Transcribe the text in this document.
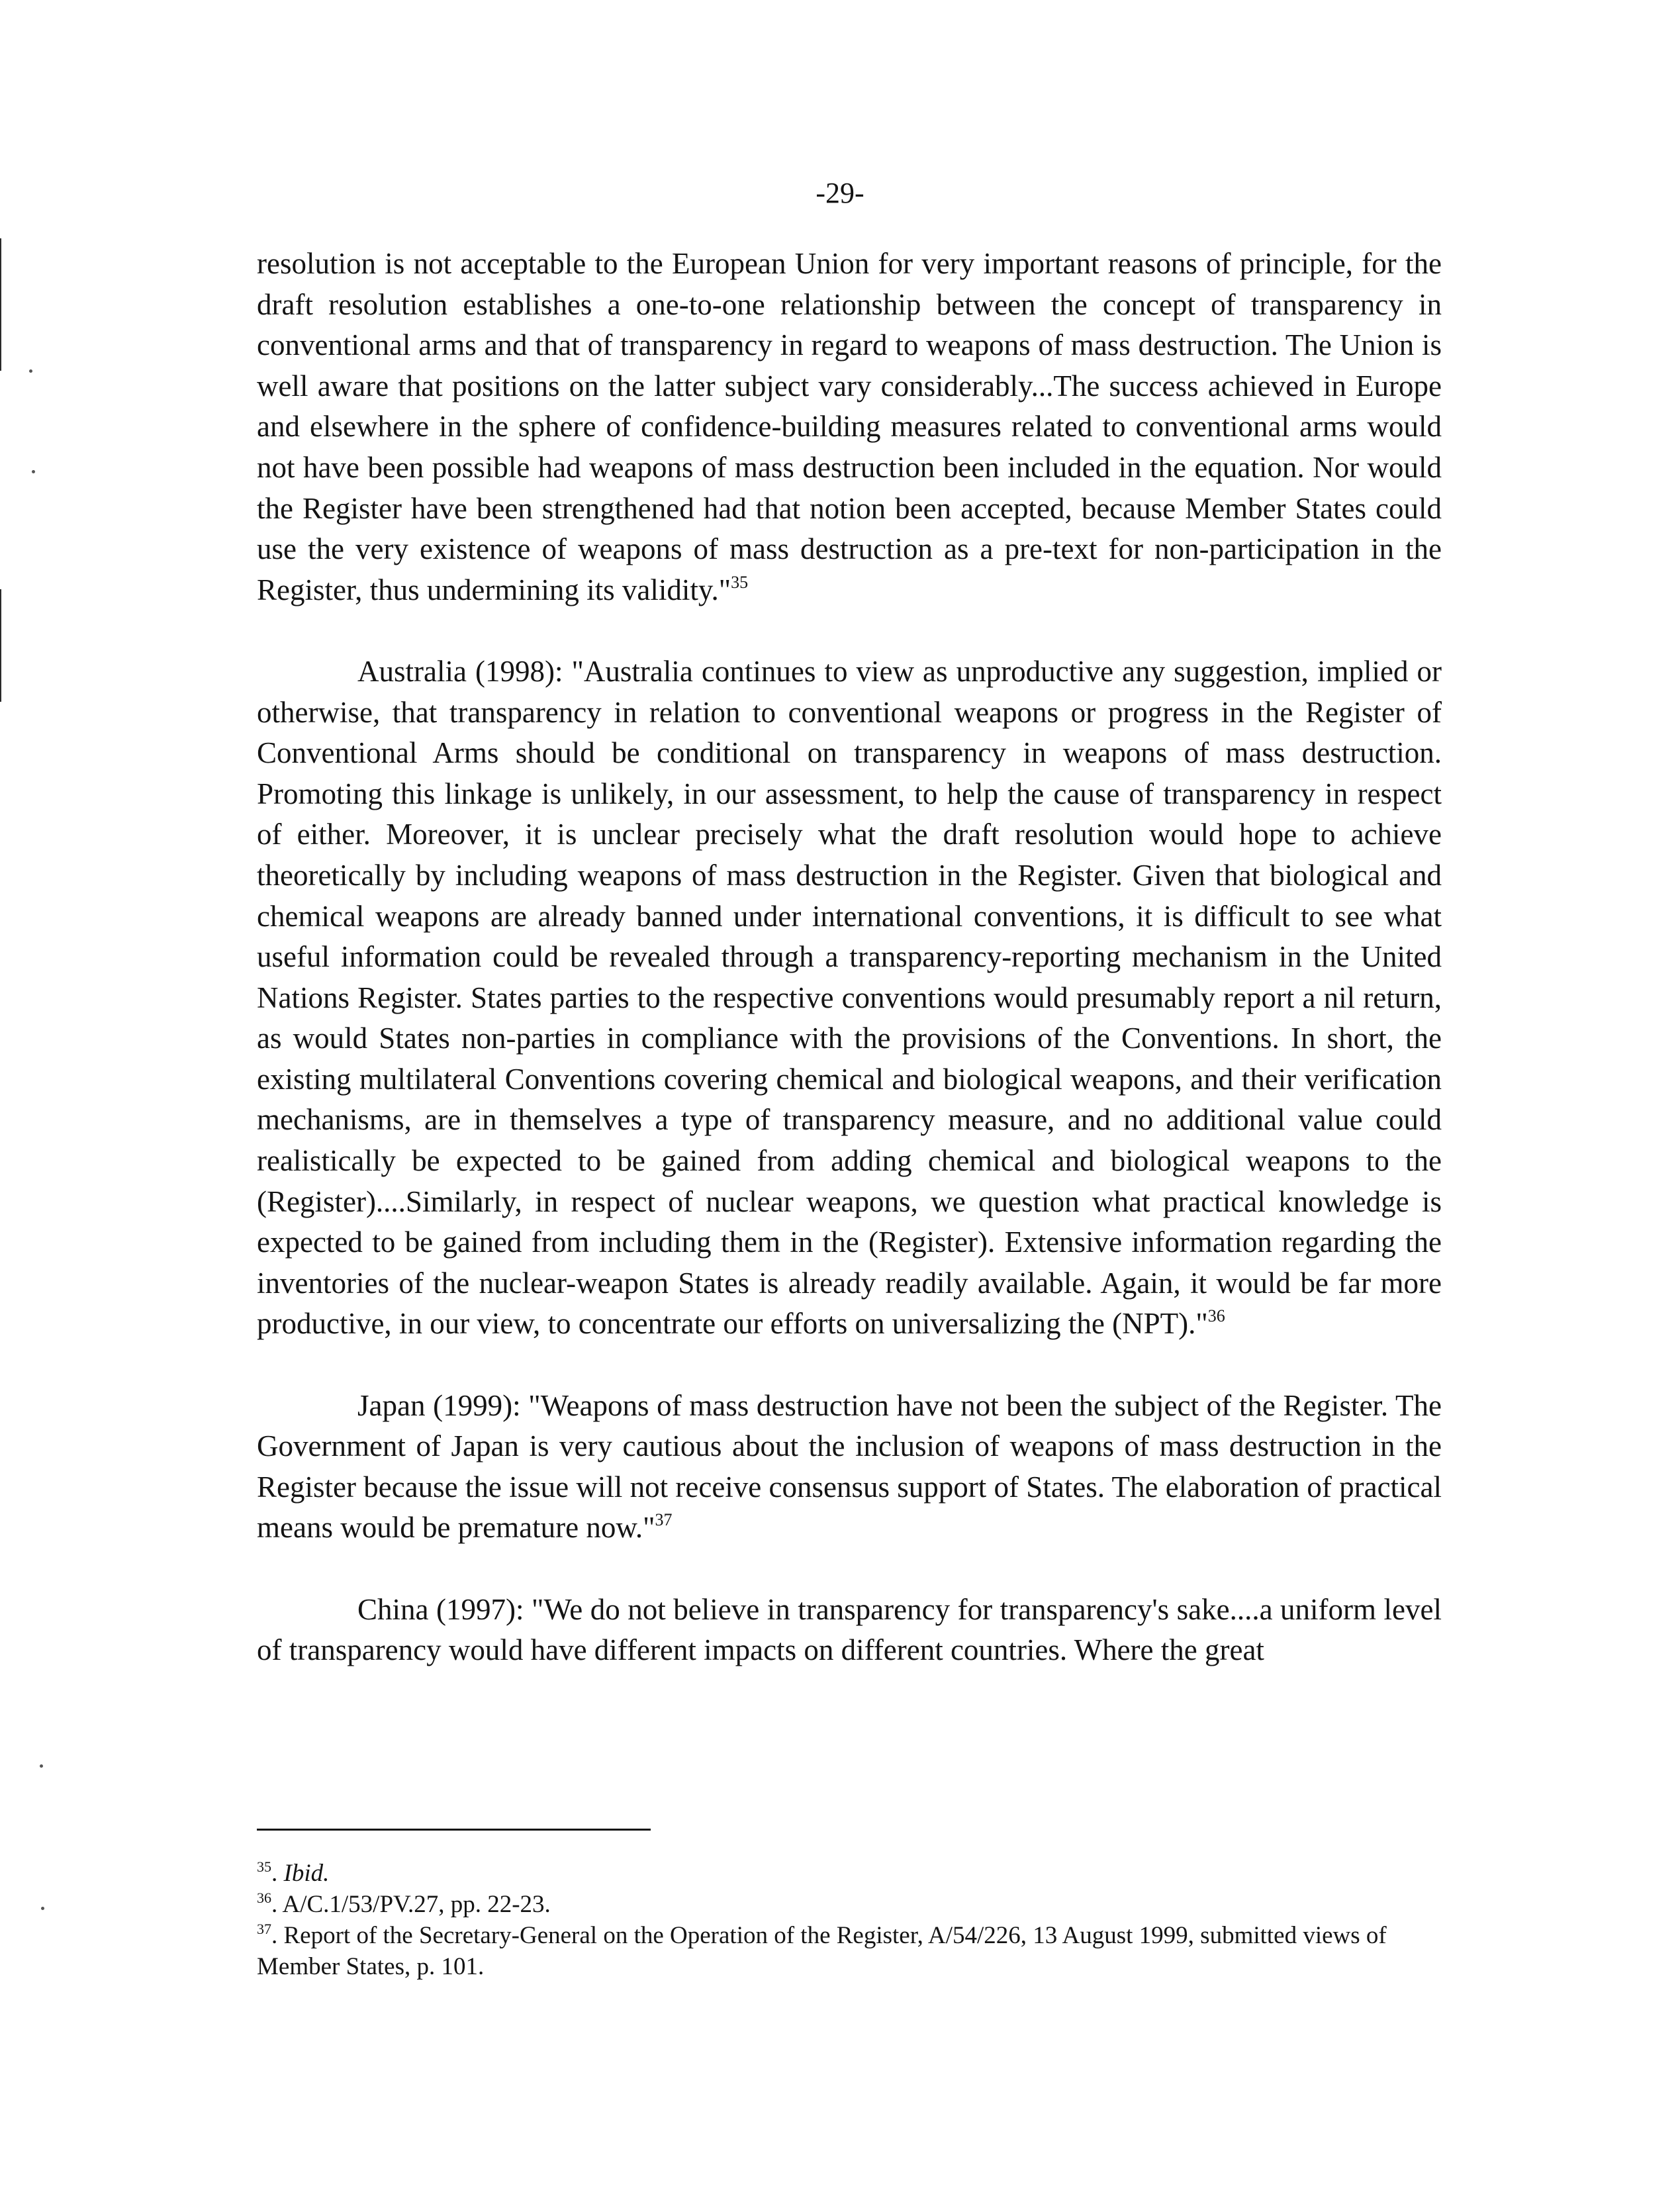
-29-

resolution is not acceptable to the European Union for very important reasons of principle, for the draft resolution establishes a one-to-one relationship between the concept of transparency in conventional arms and that of transparency in regard to weapons of mass destruction. The Union is well aware that positions on the latter subject vary considerably...The success achieved in Europe and elsewhere in the sphere of confidence-building measures related to conventional arms would not have been possible had weapons of mass destruction been included in the equation. Nor would the Register have been strengthened had that notion been accepted, because Member States could use the very existence of weapons of mass destruction as a pre-text for non-participation in the Register, thus undermining its validity."$^{35}$

Australia (1998): "Australia continues to view as unproductive any suggestion, implied or otherwise, that transparency in relation to conventional weapons or progress in the Register of Conventional Arms should be conditional on transparency in weapons of mass destruction. Promoting this linkage is unlikely, in our assessment, to help the cause of transparency in respect of either. Moreover, it is unclear precisely what the draft resolution would hope to achieve theoretically by including weapons of mass destruction in the Register. Given that biological and chemical weapons are already banned under international conventions, it is difficult to see what useful information could be revealed through a transparency-reporting mechanism in the United Nations Register. States parties to the respective conventions would presumably report a nil return, as would States non-parties in compliance with the provisions of the Conventions. In short, the existing multilateral Conventions covering chemical and biological weapons, and their verification mechanisms, are in themselves a type of transparency measure, and no additional value could realistically be expected to be gained from adding chemical and biological weapons to the (Register)....Similarly, in respect of nuclear weapons, we question what practical knowledge is expected to be gained from including them in the (Register). Extensive information regarding the inventories of the nuclear-weapon States is already readily available. Again, it would be far more productive, in our view, to concentrate our efforts on universalizing the (NPT)."$^{36}$

Japan (1999): "Weapons of mass destruction have not been the subject of the Register. The Government of Japan is very cautious about the inclusion of weapons of mass destruction in the Register because the issue will not receive consensus support of States. The elaboration of practical means would be premature now."$^{37}$

China (1997): "We do not believe in transparency for transparency's sake....a uniform level of transparency would have different impacts on different countries. Where the great

$^{35}$. Ibid.

$^{36}$. A/C.1/53/PV.27, pp. 22-23.

$^{37}$. Report of the Secretary-General on the Operation of the Register, A/54/226, 13 August 1999, submitted views of Member States, p. 101.
